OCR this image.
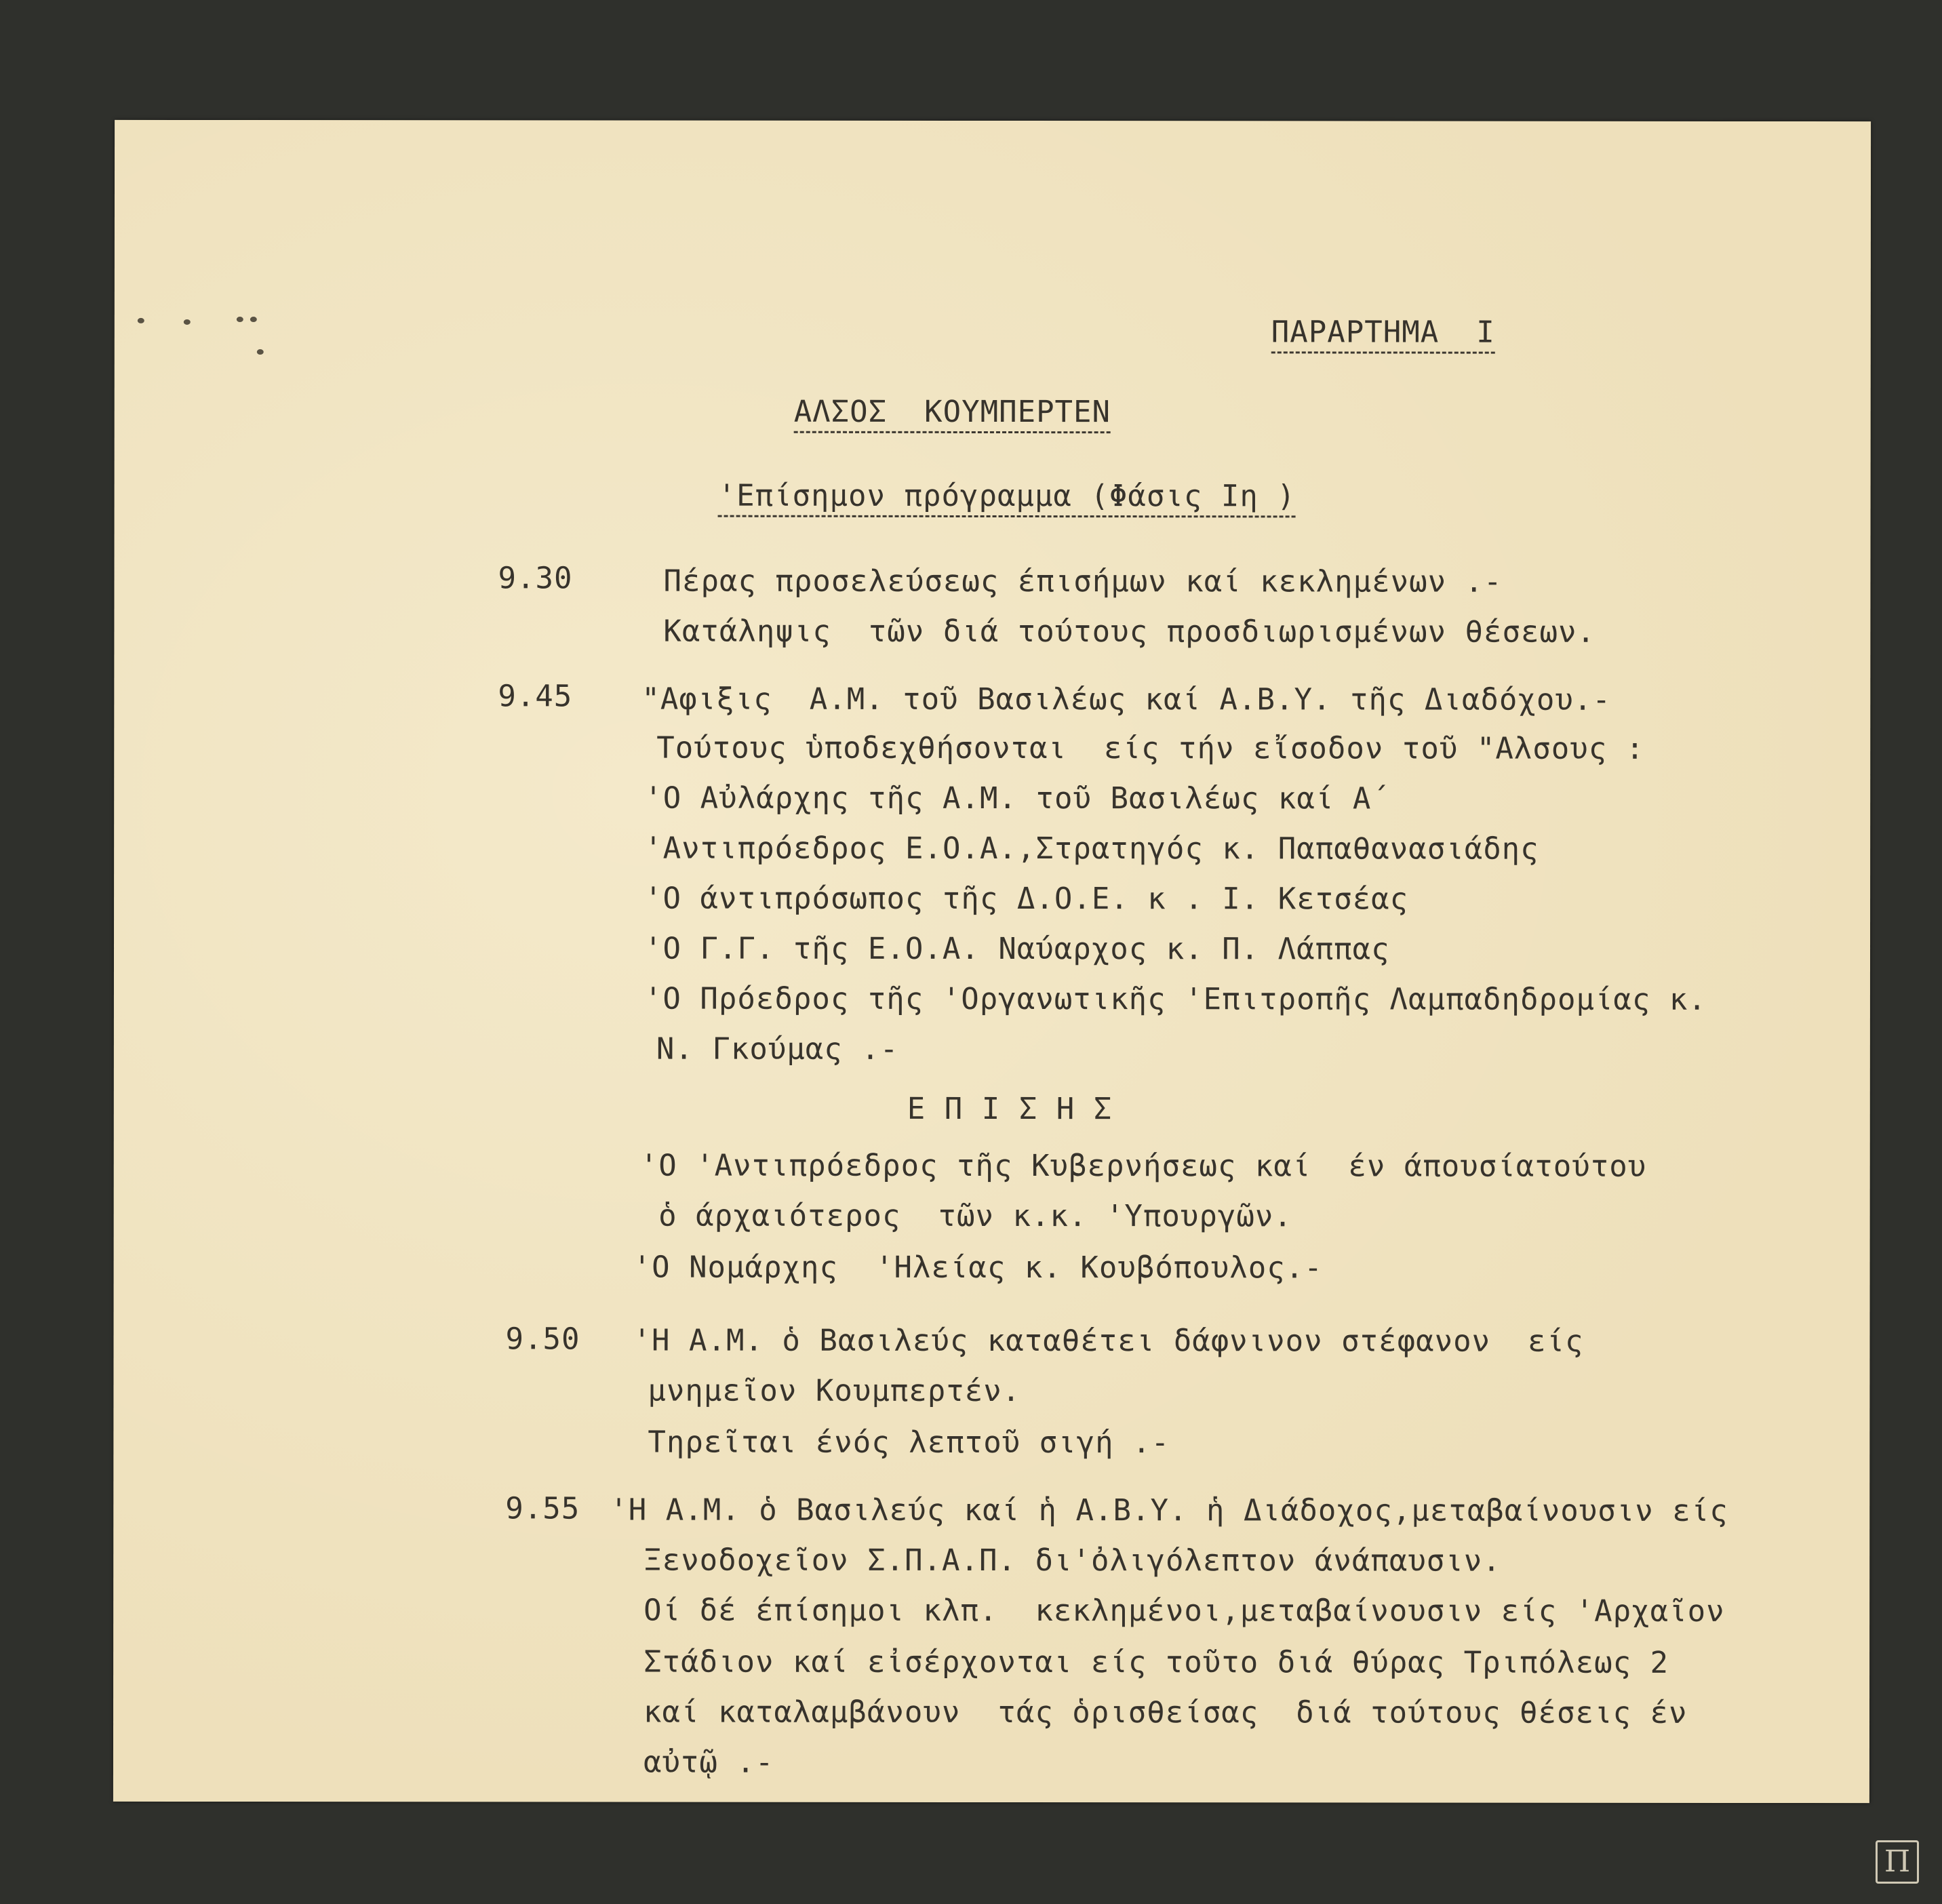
ΠΑΡΑΡΤΗΜΑ  Ι

ΑΛΣΟΣ  ΚΟΥΜΠΕΡΤΕΝ

'Επίσημον πρόγραμμα (Φάσις Ιη )

9.30	Πέρας προσελεύσεως έπισήμων καί κεκλημένων .-

Κατάληψις  τῶν διά τούτους προσδιωρισμένων θέσεων.

9.45 "Αφιξις  Α.Μ. τοῦ Βασιλέως καί Α.Β.Υ. τῆς Διαδόχου.-

Τούτους ὑποδεχθήσονται  είς τήν εἴσοδον τοῦ "Αλσους :

'Ο Αὐλάρχης τῆς Α.Μ. τοῦ Βασιλέως καί Α΄

'Αντιπρόεδρος Ε.Ο.Α.,Στρατηγός κ. Παπαθανασιάδης

'Ο άντιπρόσωπος τῆς Δ.Ο.Ε. κ . Ι. Κετσέας

'Ο Γ.Γ. τῆς Ε.Ο.Α. Ναύαρχος κ. Π. Λάππας

'Ο Πρόεδρος τῆς 'Οργανωτικῆς 'Επιτροπῆς Λαμπαδηδρομίας κ.

Ν. Γκούμας .-

Ε Π Ι Σ Η Σ

'Ο 'Αντιπρόεδρος τῆς Κυβερνήσεως καί  έν άπουσίατούτου

ὁ άρχαιότερος  τῶν κ.κ. 'Υπουργῶν.

'Ο Νομάρχης  'Ηλείας κ. Κουβόπουλος.-

9.50 'Η Α.Μ. ὁ Βασιλεύς καταθέτει δάφνινον στέφανον  είς

μνημεῖον Κουμπερτέν.

Τηρεῖται ένός λεπτοῦ σιγή .-

9.55 'Η Α.Μ. ὁ Βασιλεύς καί ἡ Α.Β.Υ. ἡ Διάδοχος,μεταβαίνουσιν είς

Ξενοδοχεῖον Σ.Π.Α.Π. δι'ὀλιγόλεπτον άνάπαυσιν.

Οί δέ έπίσημοι κλπ.  κεκλημένοι,μεταβαίνουσιν είς 'Αρχαῖον

Στάδιον καί εἰσέρχονται είς τοῦτο διά θύρας Τριπόλεως 2

καί καταλαμβάνουν  τάς ὁρισθείσας  διά τούτους θέσεις έν

αὐτῷ .-

Π
